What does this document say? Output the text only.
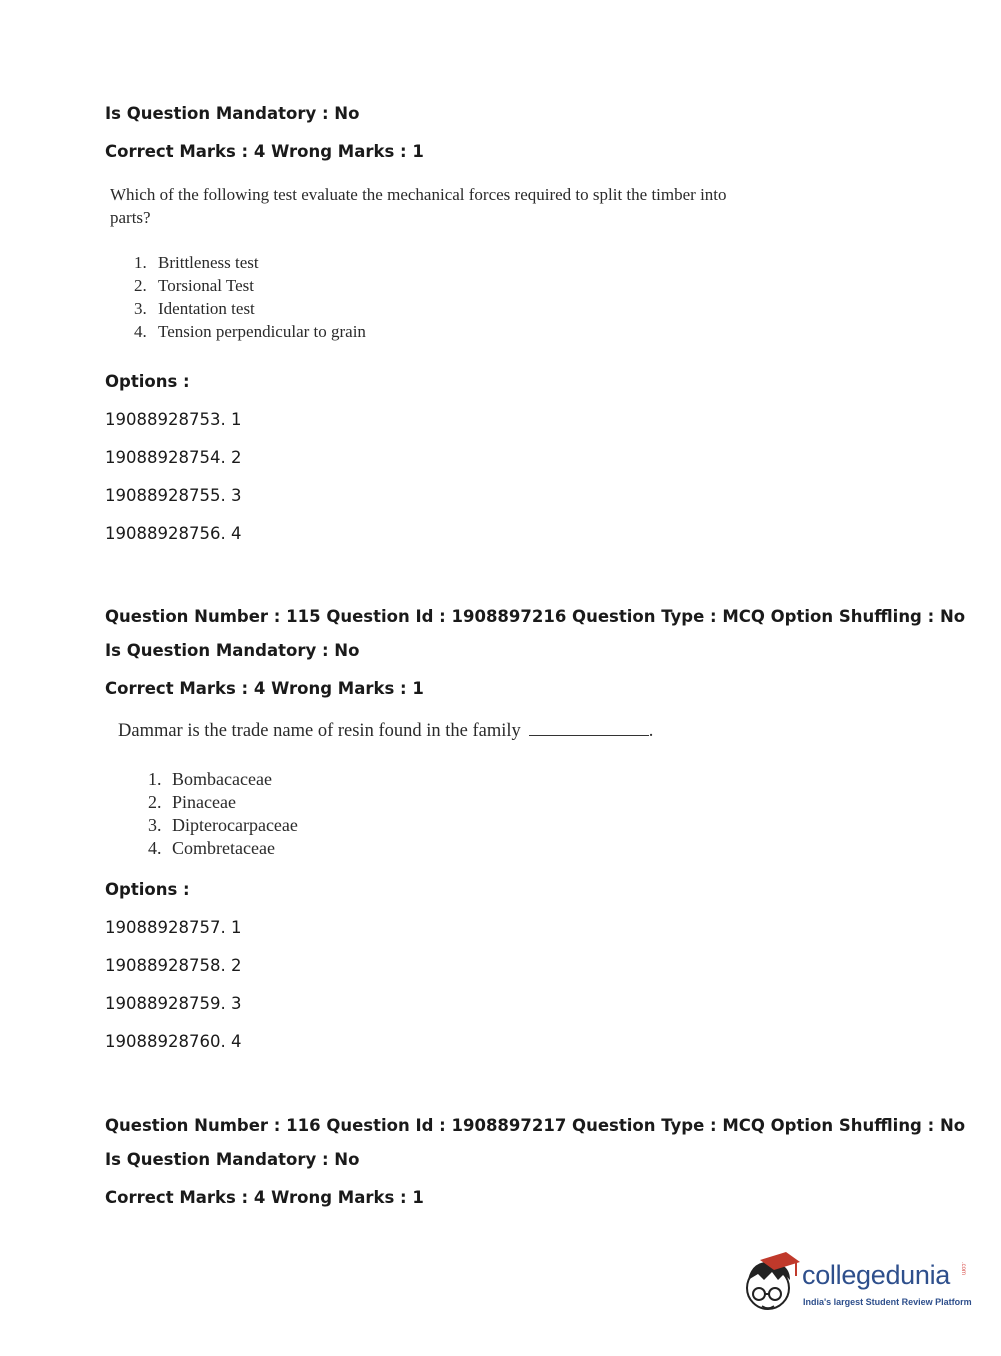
Is Question Mandatory : No
Correct Marks : 4 Wrong Marks : 1
Which of the following test evaluate the mechanical forces required to split the timber into parts?
1. Brittleness test
2. Torsional Test
3. Identation test
4. Tension perpendicular to grain
Options :
19088928753. 1
19088928754. 2
19088928755. 3
19088928756. 4
Question Number : 115 Question Id : 1908897216 Question Type : MCQ Option Shuffling : No
Is Question Mandatory : No
Correct Marks : 4 Wrong Marks : 1
Dammar is the trade name of resin found in the family	.
1. Bombacaceae
2. Pinaceae
3. Dipterocarpaceae
4. Combretaceae
Options :
19088928757. 1
19088928758. 2
19088928759. 3
19088928760. 4
Question Number : 116 Question Id : 1908897217 Question Type : MCQ Option Shuffling : No
Is Question Mandatory : No
Correct Marks : 4 Wrong Marks : 1
collegedunia .com
India's largest Student Review Platform
